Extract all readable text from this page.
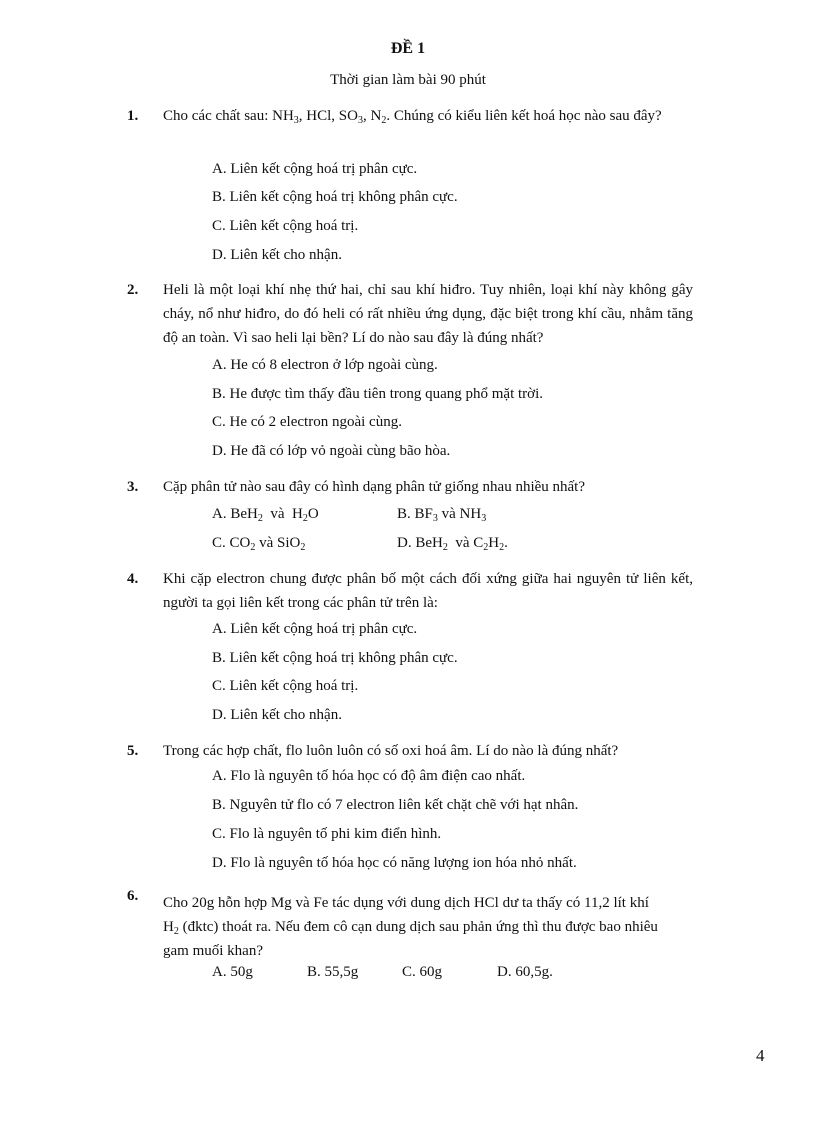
ĐỀ 1
Thời gian làm bài 90 phút
1. Cho các chất sau: $NH_3$, HCl, $SO_3$, $N_2$. Chúng có kiểu liên kết hoá học nào sau đây?
A. Liên kết cộng hoá trị phân cực.
B. Liên kết cộng hoá trị không phân cực.
C. Liên kết cộng hoá trị.
D. Liên kết cho nhận.
2. Heli là một loại khí nhẹ thứ hai, chỉ sau khí hiđro. Tuy nhiên, loại khí này không gây cháy, nổ như hiđro, do đó heli có rất nhiều ứng dụng, đặc biệt trong khí cầu, nhằm tăng độ an toàn. Vì sao heli lại bền? Lí do nào sau đây là đúng nhất?
A. He có 8 electron ở lớp ngoài cùng.
B. He được tìm thấy đầu tiên trong quang phổ mặt trời.
C. He có 2 electron ngoài cùng.
D. He đã có lớp vỏ ngoài cùng bão hòa.
3. Cặp phân tử nào sau đây có hình dạng phân tử giống nhau nhiều nhất?
A. BeH$_2$  và  $H_2O$	B. $BF_3$ và $NH_3$
C. $CO_2$ và SiO$_2$	D. BeH$_2$  và $C_2H_2$.
4. Khi cặp electron chung được phân bố một cách đối xứng giữa hai nguyên tử liên kết, người ta gọi liên kết trong các phân tử trên là:
A. Liên kết cộng hoá trị phân cực.
B. Liên kết cộng hoá trị không phân cực.
C. Liên kết cộng hoá trị.
D. Liên kết cho nhận.
5. Trong các hợp chất, flo luôn luôn có số oxi hoá âm. Lí do nào là đúng nhất?
A. Flo là nguyên tố hóa học có độ âm điện cao nhất.
B. Nguyên tử flo có 7 electron liên kết chặt chẽ với hạt nhân.
C. Flo là nguyên tố phi kim điển hình.
D. Flo là nguyên tố hóa học có năng lượng ion hóa nhỏ nhất.
6. Cho 20g hỗn hợp Mg và Fe tác dụng với dung dịch HCl dư ta thấy có 11,2 lít khí
$H_2$ (đktc) thoát ra. Nếu đem cô cạn dung dịch sau phản ứng thì thu được bao nhiêu
gam muối khan?
A. 50g	B. 55,5g	C. 60g	D. 60,5g.
4
